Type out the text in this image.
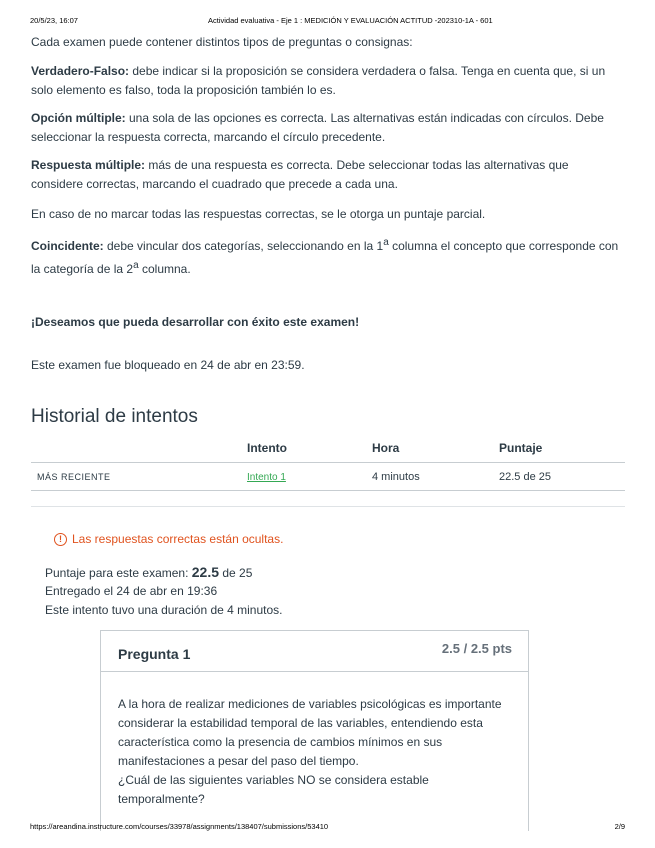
20/5/23, 16:07	Actividad evaluativa - Eje 1 : MEDICIÓN Y EVALUACIÓN ACTITUD -202310-1A - 601

Cada examen puede contener distintos tipos de preguntas o consignas:

Verdadero-Falso: debe indicar si la proposición se considera verdadera o falsa. Tenga en cuenta que, si un solo elemento es falso, toda la proposición también lo es.

Opción múltiple: una sola de las opciones es correcta. Las alternativas están indicadas con círculos. Debe seleccionar la respuesta correcta, marcando el círculo precedente.

Respuesta múltiple: más de una respuesta es correcta. Debe seleccionar todas las alternativas que considere correctas, marcando el cuadrado que precede a cada una.

En caso de no marcar todas las respuestas correctas, se le otorga un puntaje parcial.

Coincidente: debe vincular dos categorías, seleccionando en la 1$^a$ columna el concepto que corresponde con la categoría de la 2$^a$ columna.

¡Deseamos que pueda desarrollar con éxito este examen!

Este examen fue bloqueado en 24 de abr en 23:59.

Historial de intentos
	Intento	Hora	Puntaje
MÁS RECIENTE	Intento 1	4 minutos	22.5 de 25
! Las respuestas correctas están ocultas.
Puntaje para este examen: 22.5 de 25
Entregado el 24 de abr en 19:36
Este intento tuvo una duración de 4 minutos.
Pregunta 1	2.5 / 2.5 pts
A la hora de realizar mediciones de variables psicológicas es importante
considerar la estabilidad temporal de las variables, entendiendo esta
característica como la presencia de cambios mínimos en sus
manifestaciones a pesar del paso del tiempo.
¿Cuál de las siguientes variables NO se considera estable
temporalmente?
https://areandina.instructure.com/courses/33978/assignments/138407/submissions/53410	2/9
